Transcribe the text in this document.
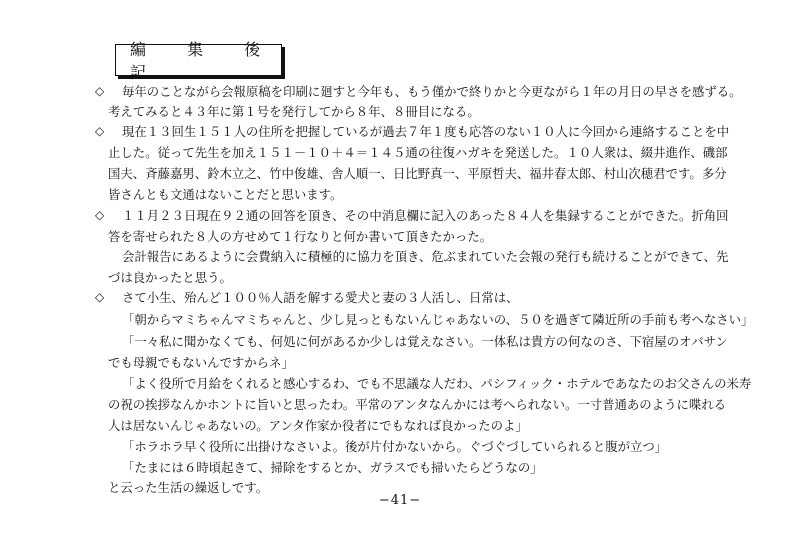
編 集 後 記
◇
◇
◇
◇
毎年のことながら会報原稿を印刷に廻すと今年も、もう僅かで終りかと今更ながら１年の月日の早さを感ずる。
考えてみると４３年に第１号を発行してから８年、８冊目になる。
現在１３回生１５１人の住所を把握しているが過去７年１度も応答のない１０人に今回から連絡することを中
止した。従って先生を加え１５１－１０＋４＝１４５通の往復ハガキを発送した。１０人衆は、綴井進作、磯部
国夫、斉藤嘉男、鈴木立之、竹中俊雄、舎人順一、日比野真一、平原哲夫、福井春太郎、村山次穂君です。多分
皆さんとも文通はないことだと思います。
１１月２３日現在９２通の回答を頂き、その中消息欄に記入のあった８４人を集録することができた。折角回
答を寄せられた８人の方せめて１行なりと何か書いて頂きたかった。
会計報告にあるように会費納入に積極的に協力を頂き、危ぶまれていた会報の発行も続けることができて、先
づは良かったと思う。
さて小生、殆んど１００％人語を解する愛犬と妻の３人活し、日常は、
「朝からマミちゃんマミちゃんと、少し見っともないんじゃあないの、５０を過ぎて隣近所の手前も考へなさい」
「一々私に聞かなくても、何処に何があるか少しは覚えなさい。一体私は貴方の何なのさ、下宿屋のオバサン
でも母親でもないんですからネ」
「よく役所で月給をくれると感心するわ、でも不思議な人だわ、パシフィック・ホテルであなたのお父さんの米寿
の祝の挨拶なんかホントに旨いと思ったわ。平常のアンタなんかには考へられない。一寸普通あのように喋れる
人は居ないんじゃあないの。アンタ作家か役者にでもなれば良かったのよ」
「ホラホラ早く役所に出掛けなさいよ。後が片付かないから。ぐづぐづしていられると腹が立つ」
「たまには６時頃起きて、掃除をするとか、ガラスでも掃いたらどうなの」
と云った生活の繰返しです。
−41−
